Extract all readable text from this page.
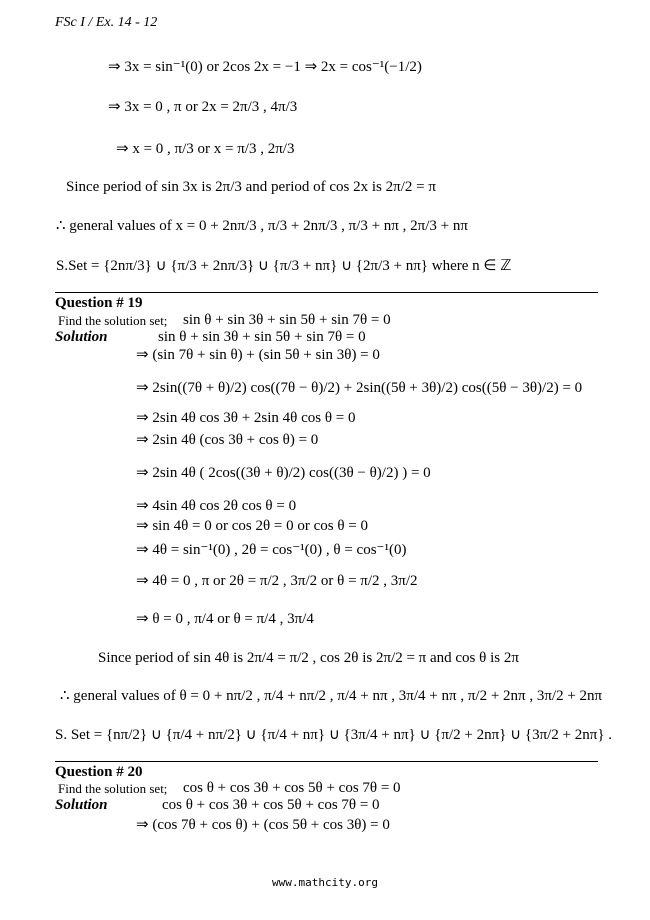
FSc I / Ex. 14 - 12
⇒ 3x = sin⁻¹(0) or 2cos 2x = −1 ⇒ 2x = cos⁻¹(−1/2)
⇒ 3x = 0 , π or 2x = 2π/3 , 4π/3
⇒ x = 0 , π/3 or x = π/3 , 2π/3
Since period of sin 3x is 2π/3 and period of cos 2x is 2π/2 = π
∴ general values of x = 0 + 2nπ/3 , π/3 + 2nπ/3 , π/3 + nπ , 2π/3 + nπ
S.Set = {2nπ/3} ∪ {π/3 + 2nπ/3} ∪ {π/3 + nπ} ∪ {2π/3 + nπ} where n ∈ ℤ
Question # 19
Find the solution set; sin θ + sin 3θ + sin 5θ + sin 7θ = 0
Solution	sin θ + sin 3θ + sin 5θ + sin 7θ = 0
⇒ (sin 7θ + sin θ) + (sin 5θ + sin 3θ) = 0
⇒ 2sin((7θ + θ)/2) cos((7θ − θ)/2) + 2sin((5θ + 3θ)/2) cos((5θ − 3θ)/2) = 0
⇒ 2sin 4θ cos 3θ + 2sin 4θ cos θ = 0
⇒ 2sin 4θ (cos 3θ + cos θ) = 0
⇒ 2sin 4θ ( 2cos((3θ + θ)/2) cos((3θ − θ)/2) ) = 0
⇒ 4sin 4θ cos 2θ cos θ = 0
⇒ sin 4θ = 0 or cos 2θ = 0 or cos θ = 0
⇒ 4θ = sin⁻¹(0) , 2θ = cos⁻¹(0) , θ = cos⁻¹(0)
⇒ 4θ = 0 , π or 2θ = π/2 , 3π/2 or θ = π/2 , 3π/2
⇒ θ = 0 , π/4 or θ = π/4 , 3π/4
Since period of sin 4θ is 2π/4 = π/2 , cos 2θ is 2π/2 = π and cos θ is 2π
∴ general values of θ = 0 + nπ/2 , π/4 + nπ/2 , π/4 + nπ , 3π/4 + nπ , π/2 + 2nπ , 3π/2 + 2nπ
S. Set = {nπ/2} ∪ {π/4 + nπ/2} ∪ {π/4 + nπ} ∪ {3π/4 + nπ} ∪ {π/2 + 2nπ} ∪ {3π/2 + 2nπ} .
Question # 20
Find the solution set; cos θ + cos 3θ + cos 5θ + cos 7θ = 0
Solution	cos θ + cos 3θ + cos 5θ + cos 7θ = 0
⇒ (cos 7θ + cos θ) + (cos 5θ + cos 3θ) = 0
www.mathcity.org
